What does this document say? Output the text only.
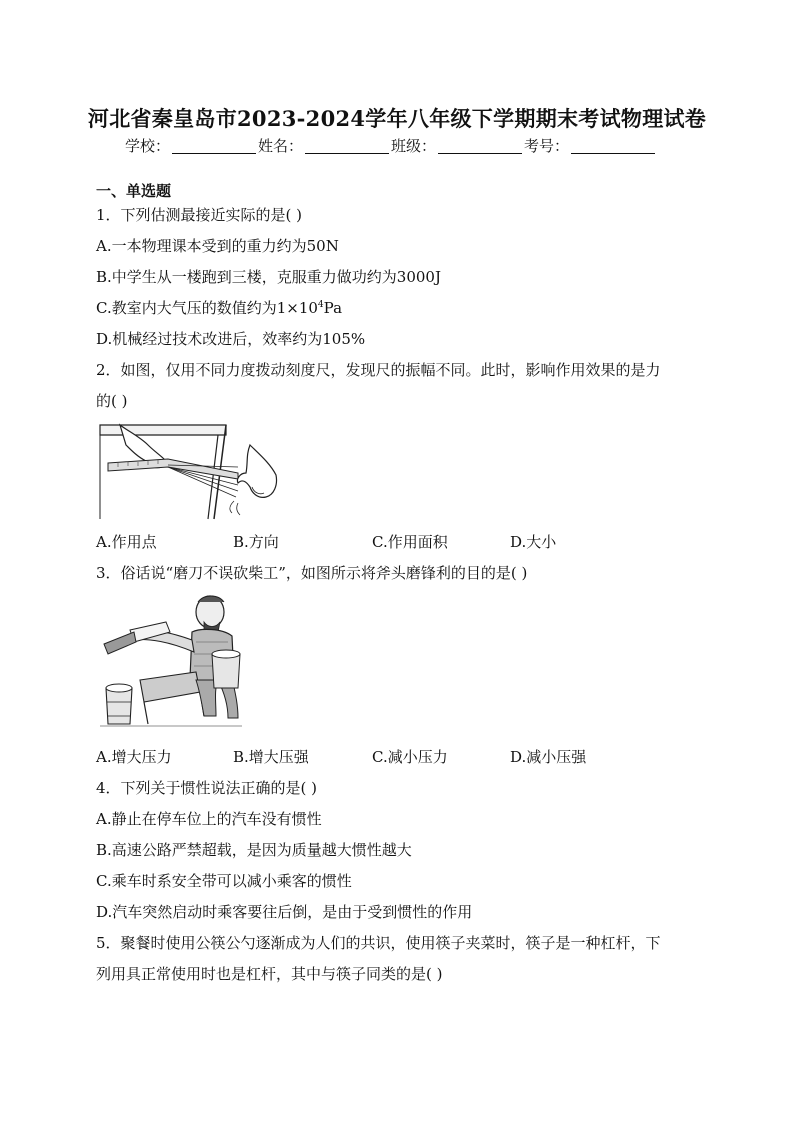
河北省秦皇岛市2023-2024学年八年级下学期期末考试物理试卷
学校：	姓名：	班级：	考号：
一、单选题
1．下列估测最接近实际的是( )
A.一本物理课本受到的重力约为50N
B.中学生从一楼跑到三楼，克服重力做功约为3000J
C.教室内大气压的数值约为$1\times 10^4Pa$
D.机械经过技术改进后，效率约为105%
2．如图，仅用不同力度拨动刻度尺，发现尺的振幅不同。此时，影响作用效果的是力
的( )
A.作用点	B.方向	C.作用面积	D.大小
3．俗话说“磨刀不误砍柴工”，如图所示将斧头磨锋利的目的是( )
A.增大压力	B.增大压强	C.减小压力	D.减小压强
4．下列关于惯性说法正确的是( )
A.静止在停车位上的汽车没有惯性
B.高速公路严禁超载，是因为质量越大惯性越大
C.乘车时系安全带可以减小乘客的惯性
D.汽车突然启动时乘客要往后倒，是由于受到惯性的作用
5．聚餐时使用公筷公勺逐渐成为人们的共识，使用筷子夹菜时，筷子是一种杠杆，下
列用具正常使用时也是杠杆，其中与筷子同类的是( )
